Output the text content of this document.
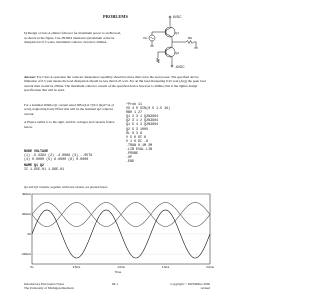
PROBLEMS
1) Design a Class A emitter follower for maximum power to an 8Ω load, as shown in the figure. Use 2N3904 transistors (maximum collector dissipation is 0.5 watts, maximum collector current is 200mA.
6VDC
Q1
Q2
Vin	8Ω
-6VDC
Answer: For Class A operation the collector dissipation capability should be more than twice the load power. The specified device limitation of 0.5 watt means the load dissipation should be less than 0.25 watt. For an 8Ω load dissipating 0.25 watt (Avg) the peak load current then would be 250ma. The maximum collector current of the specified device however is 200ma; this is the tighter design specification that will be used.
For a nominal 200ma Q1 current select RB=(6-0.7)/0.2 (K)27 Ω, (I watt), neglecting Early Effect this will be the nominal Q2 collector current.
A PSpice netlist is to the right, and DC voltages and currents follow below.
NODE VOLTAGE
(1) -5.3392 (2) -4.0088 (3) -.0579
(4) 0.0000 (5) 6.0000 (6) 0.0000
NAME Q1 Q2
IC 1.95E-01 1.96E-01
*Prob 11
VS 4 0 SIN(0 5 1.5 1K)
RB0 1 27
Q1 2 3 1 Q2N3904
Q2 3 1 2 Q2N3904
Q1 5 4 3 Q2N3904
Q2 5 3 100U
RL 0 3 8
V 5 0 DC 6
V 1 0 DC -6
.TRAN 0.1M 2M
.LIB EVAL.LIB
.PROBE
.OP
.END
Q2 and Q3 currents, together with load current, are plotted below.
400mA
200mA
0A
-200mA
0s	0.5ms	1.0ms	1.5ms	2.0ms
Time
Introductory Electronics Notes
The University of Michigan-Dearborn
96-1	Copyright © M.H.Miller 2000
revised
